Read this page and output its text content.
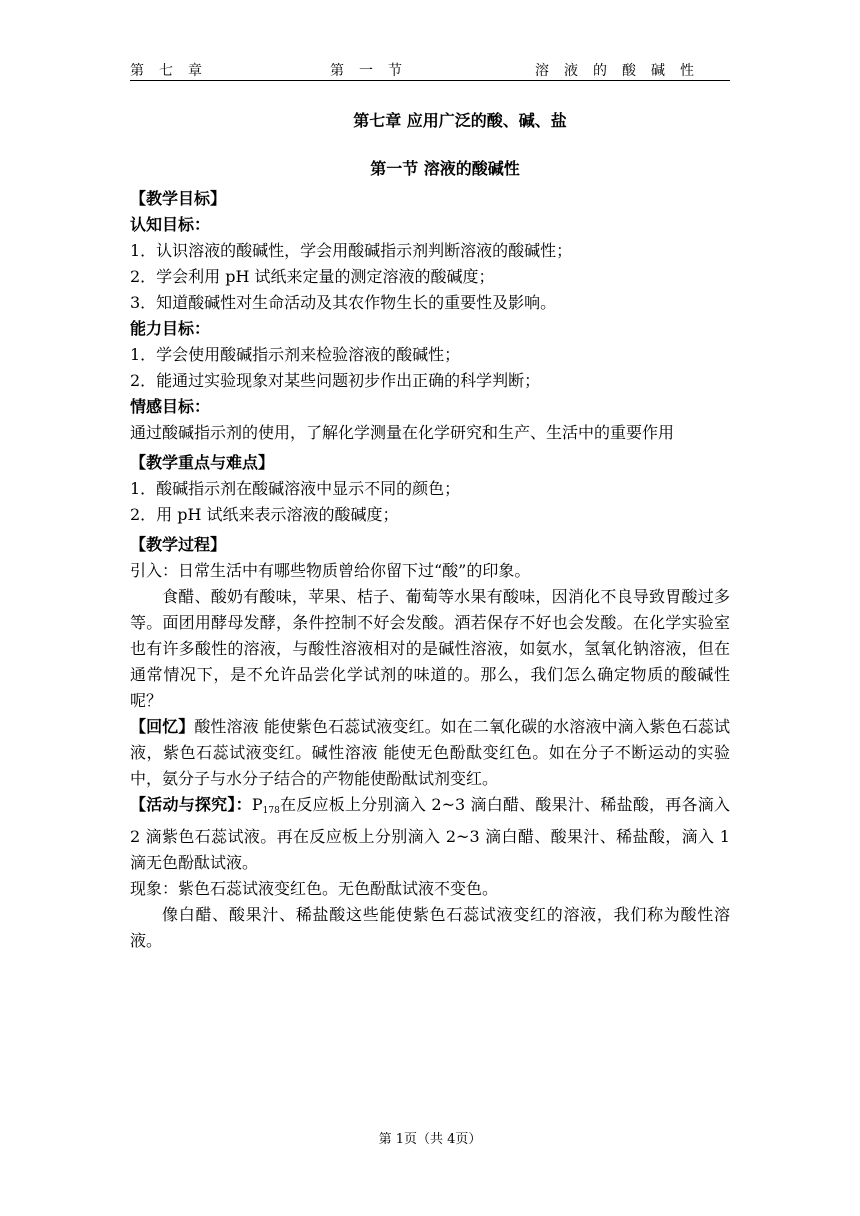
第七章	第一节	溶液的酸碱性
第七章 应用广泛的酸、碱、盐
第一节 溶液的酸碱性
【教学目标】
认知目标：

1．认识溶液的酸碱性，学会用酸碱指示剂判断溶液的酸碱性；

2．学会利用 pH 试纸来定量的测定溶液的酸碱度；

3．知道酸碱性对生命活动及其农作物生长的重要性及影响。

能力目标：

1．学会使用酸碱指示剂来检验溶液的酸碱性；

2．能通过实验现象对某些问题初步作出正确的科学判断；

情感目标：

通过酸碱指示剂的使用，了解化学测量在化学研究和生产、生活中的重要作用

【教学重点与难点】

1．酸碱指示剂在酸碱溶液中显示不同的颜色；

2．用 pH 试纸来表示溶液的酸碱度；

【教学过程】

引入：日常生活中有哪些物质曾给你留下过“酸”的印象。

食醋、酸奶有酸味，苹果、桔子、葡萄等水果有酸味，因消化不良导致胃酸过多等。面团用酵母发酵，条件控制不好会发酸。酒若保存不好也会发酸。在化学实验室也有许多酸性的溶液，与酸性溶液相对的是碱性溶液，如氨水，氢氧化钠溶液，但在通常情况下，是不允许品尝化学试剂的味道的。那么，我们怎么确定物质的酸碱性呢？

【回忆】酸性溶液 能使紫色石蕊试液变红。如在二氧化碳的水溶液中滴入紫色石蕊试液，紫色石蕊试液变红。碱性溶液 能使无色酚酞变红色。如在分子不断运动的实验中，氨分子与水分子结合的产物能使酚酞试剂变红。

【活动与探究】：$P_{178}$在反应板上分别滴入 2~3 滴白醋、酸果汁、稀盐酸，再各滴入 2 滴紫色石蕊试液。再在反应板上分别滴入 2~3 滴白醋、酸果汁、稀盐酸，滴入 1 滴无色酚酞试液。

现象：紫色石蕊试液变红色。无色酚酞试液不变色。

像白醋、酸果汁、稀盐酸这些能使紫色石蕊试液变红的溶液，我们称为酸性溶液。

第 1页（共 4页）
